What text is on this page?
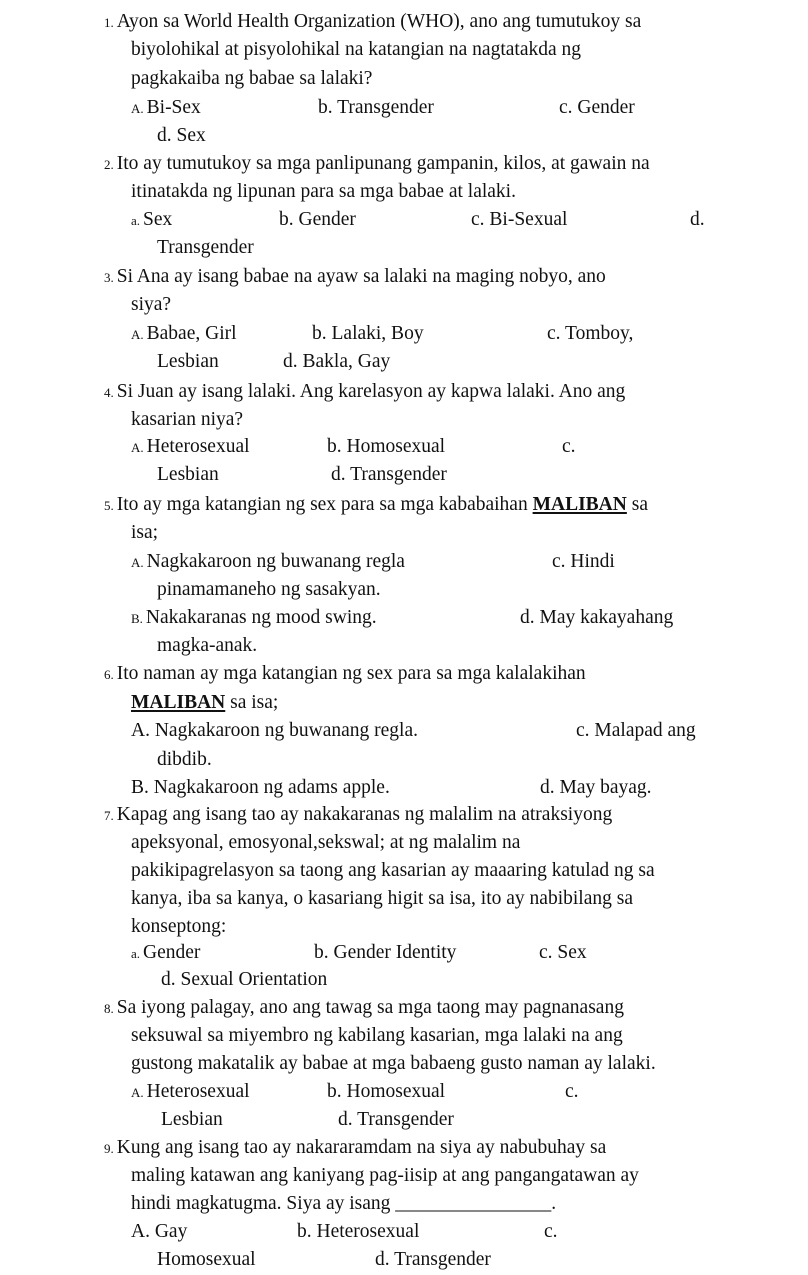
1. Ayon sa World Health Organization (WHO), ano ang tumutukoy sa
biyolohikal at pisyolohikal na katangian na nagtatakda ng
pagkakaiba ng babae sa lalaki?
A. Bi-Sex	b. Transgender	c. Gender
d. Sex
2. Ito ay tumutukoy sa mga panlipunang gampanin, kilos, at gawain na
itinatakda ng lipunan para sa mga babae at lalaki.
a. Sex	b. Gender	c. Bi-Sexual	d.
Transgender
3. Si Ana ay isang babae na ayaw sa lalaki na maging nobyo, ano
siya?
A. Babae, Girl	b. Lalaki, Boy	c. Tomboy,
Lesbian	d. Bakla, Gay
4. Si Juan ay isang lalaki. Ang karelasyon ay kapwa lalaki. Ano ang
kasarian niya?
A. Heterosexual	b. Homosexual	c.
Lesbian	d. Transgender
5. Ito ay mga katangian ng sex para sa mga kababaihan MALIBAN sa
isa;
A. Nagkakaroon ng buwanang regla	c. Hindi
pinamamaneho ng sasakyan.
B. Nakakaranas ng mood swing.	d. May kakayahang
magka-anak.
6. Ito naman ay mga katangian ng sex para sa mga kalalakihan
MALIBAN sa isa;
A. Nagkakaroon ng buwanang regla.	c. Malapad ang
dibdib.
B. Nagkakaroon ng adams apple.	d. May bayag.
7. Kapag ang isang tao ay nakakaranas ng malalim na atraksiyong
apeksyonal, emosyonal,sekswal; at ng malalim na
pakikipagrelasyon sa taong ang kasarian ay maaaring katulad ng sa
kanya, iba sa kanya, o kasariang higit sa isa, ito ay nabibilang sa
konseptong:
a. Gender	b. Gender Identity	c. Sex
d. Sexual Orientation
8. Sa iyong palagay, ano ang tawag sa mga taong may pagnanasang
seksuwal sa miyembro ng kabilang kasarian, mga lalaki na ang
gustong makatalik ay babae at mga babaeng gusto naman ay lalaki.
A. Heterosexual	b. Homosexual	c.
Lesbian	d. Transgender
9. Kung ang isang tao ay nakararamdam na siya ay nabubuhay sa
maling katawan ang kaniyang pag-iisip at ang pangangatawan ay
hindi magkatugma. Siya ay isang ________________.
A. Gay	b. Heterosexual	c.
Homosexual	d. Transgender
